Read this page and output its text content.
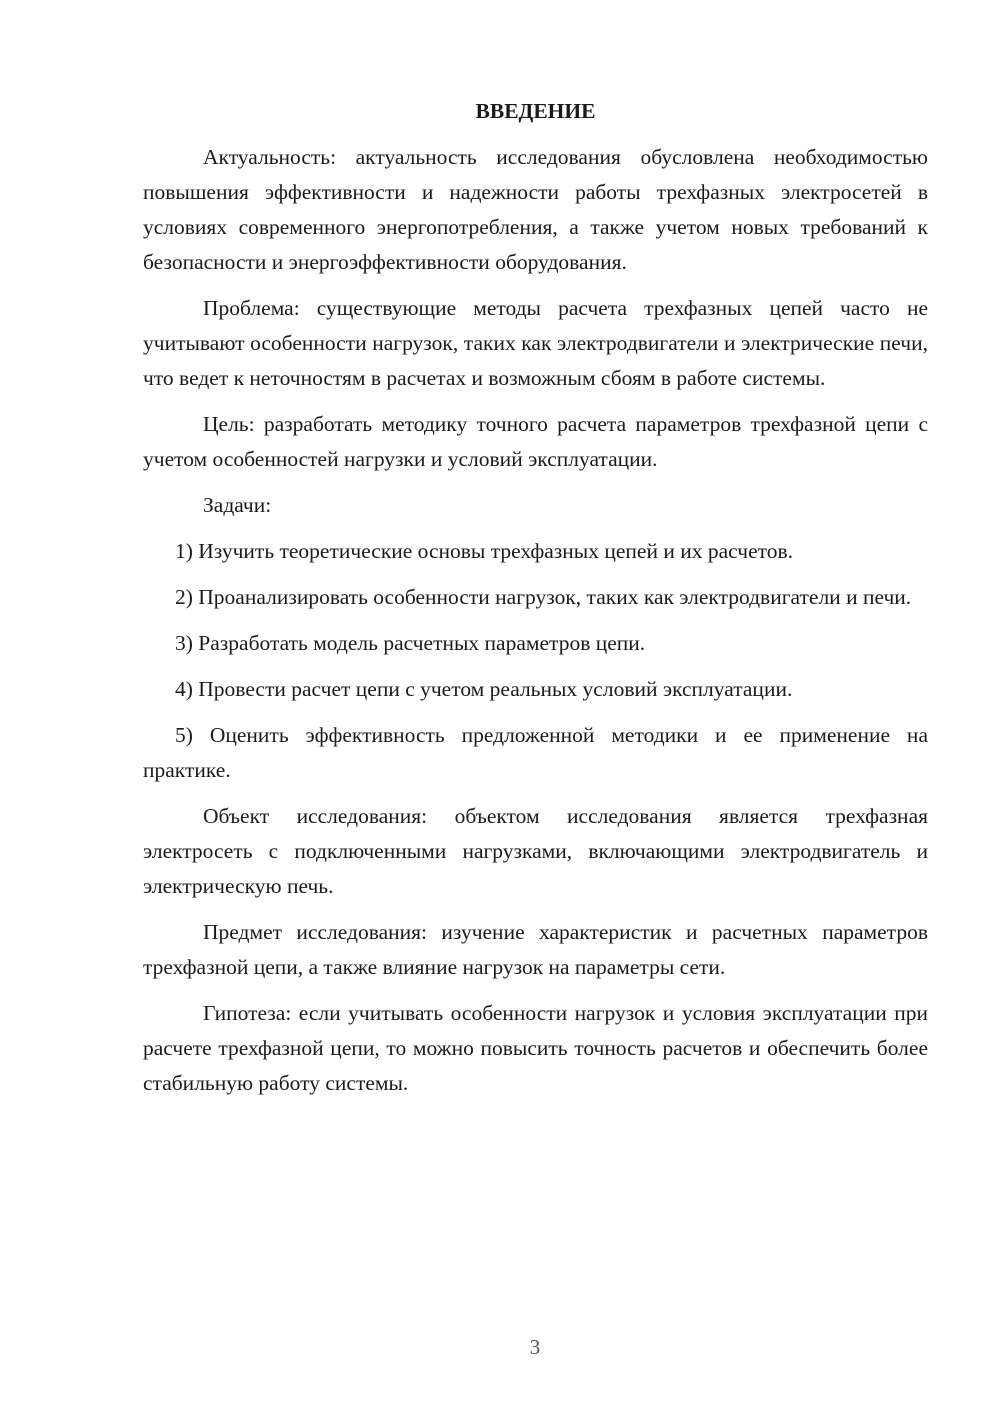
ВВЕДЕНИЕ

Актуальность: актуальность исследования обусловлена необходимостью повышения эффективности и надежности работы трехфазных электросетей в условиях современного энергопотребления, а также учетом новых требований к безопасности и энергоэффективности оборудования.

Проблема: существующие методы расчета трехфазных цепей часто не учитывают особенности нагрузок, таких как электродвигатели и электрические печи, что ведет к неточностям в расчетах и возможным сбоям в работе системы.

Цель: разработать методику точного расчета параметров трехфазной цепи с учетом особенностей нагрузки и условий эксплуатации.

Задачи:

1) Изучить теоретические основы трехфазных цепей и их расчетов.

2) Проанализировать особенности нагрузок, таких как электродвигатели и печи.

3) Разработать модель расчетных параметров цепи.

4) Провести расчет цепи с учетом реальных условий эксплуатации.

5) Оценить эффективность предложенной методики и ее применение на практике.

Объект исследования: объектом исследования является трехфазная электросеть с подключенными нагрузками, включающими электродвигатель и электрическую печь.

Предмет исследования: изучение характеристик и расчетных параметров трехфазной цепи, а также влияние нагрузок на параметры сети.

Гипотеза: если учитывать особенности нагрузок и условия эксплуатации при расчете трехфазной цепи, то можно повысить точность расчетов и обеспечить более стабильную работу системы.

3
